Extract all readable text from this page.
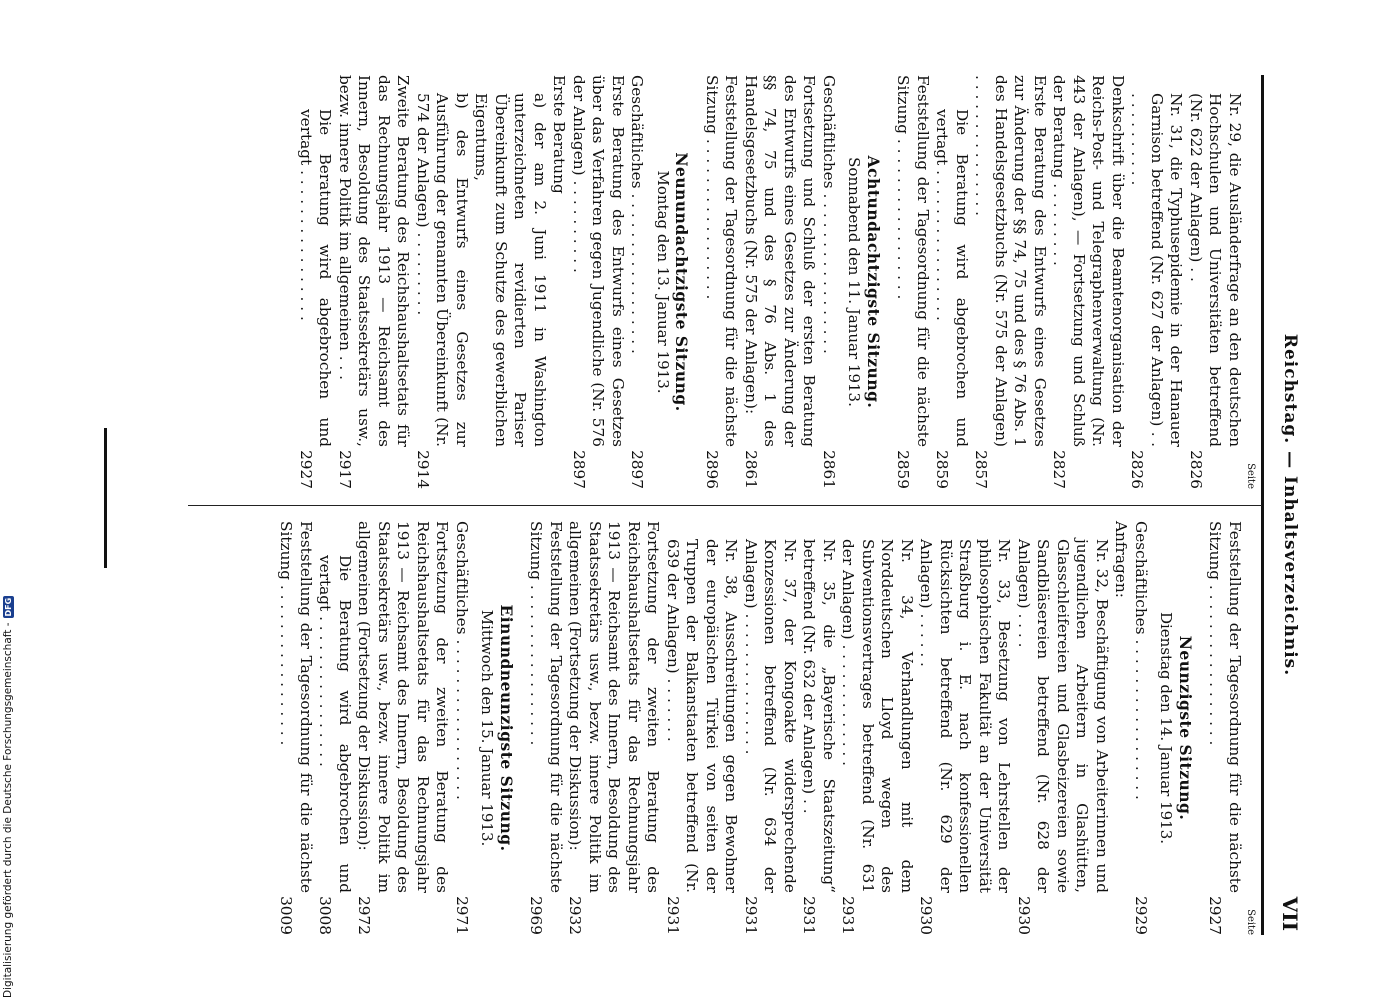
Reichstag. — Inhaltsverzeichnis.
VII
Seite
Nr. 29, die Ausländerfrage an den deutschen Hochschulen und Universitäten betreffend (Nr. 622 der Anlagen) . .
2826
Nr. 31, die Typhusepidemie in der Hanauer Garnison betreffend (Nr. 627 der Anlagen) . . . . . . . . . . . .
2826
Denkschrift über die Beamtenorganisation der Reichs-Post- und Telegraphenverwaltung (Nr. 443 der Anlagen), — Fortsetzung und Schluß der Beratung . . . . . . . . .
2827
Erste Beratung des Entwurfs eines Gesetzes zur Änderung der §§ 74, 75 und des § 76 Abs. 1 des Handelsgesetzbuchs (Nr. 575 der Anlagen) . . . . . . . . . . . . . . .
2857
Die Beratung wird abgebrochen und vertagt . . . . . . . . . . . . . . . .
2859
Feststellung der Tagesordnung für die nächste Sitzung . . . . . . . . . . . . . . . . .
2859
Achtundachtzigste Sitzung.
Sonnabend den 11. Januar 1913.
Geschäftliches . . . . . . . . . . . . . . . . .
2861
Fortsetzung und Schluß der ersten Beratung des Entwurfs eines Gesetzes zur Änderung der §§ 74, 75 und des § 76 Abs. 1 des Handelsgesetzbuchs (Nr. 575 der Anlagen):
2861
Feststellung der Tagesordnung für die nächste Sitzung . . . . . . . . . . . . . . . . .
2896
Neunundachtzigste Sitzung.
Montag den 13. Januar 1913.
Geschäftliches . . . . . . . . . . . . . . . . .
2897
Erste Beratung des Entwurfs eines Gesetzes über das Verfahren gegen Jugendliche (Nr. 576 der Anlagen) . . . . . . . . . .
2897
Erste Beratung
a) der am 2. Juni 1911 in Washington unterzeichneten revidierten Pariser Übereinkunft zum Schutze des gewerblichen Eigentums,
b) des Entwurfs eines Gesetzes zur Ausführung der genannten Übereinkunft (Nr. 574 der Anlagen) . . . . . . . . .
2914
Zweite Beratung des Reichshaushaltsetats für das Rechnungsjahr 1913 — Reichsamt des Innern, Besoldung des Staatssekretärs usw., bezw. innere Politik im allgemeinen . . .
2917
Die Beratung wird abgebrochen und vertagt . . . . . . . . . . . . . . . .
2927
Seite
Feststellung der Tagesordnung für die nächste Sitzung . . . . . . . . . . . . . . . . .
2927
Neunzigste Sitzung.
Dienstag den 14. Januar 1913.
Geschäftliches . . . . . . . . . . . . . . . . .
2929
Anfragen:
Nr. 32, Beschäftigung von Arbeiterinnen und jugendlichen Arbeitern in Glashütten, Glasschleifereien und Glasbeizereien sowie Sandbläsereien betreffend (Nr. 628 der Anlagen) . . . .
2930
Nr. 33, Besetzung von Lehrstellen der philosophischen Fakultät an der Universität Straßburg i. E. nach konfessionellen Rücksichten betreffend (Nr. 629 der Anlagen) . . . . . .
2930
Nr. 34, Verhandlungen mit dem Norddeutschen Lloyd wegen des Subventionsvertrages betreffend (Nr. 631 der Anlagen) . . . . . . . . . . . . .
2931
Nr. 35, die „Bayerische Staatszeitung“ betreffend (Nr. 632 der Anlagen) . .
2931
Nr. 37, der Kongoakte widersprechende Konzessionen betreffend (Nr. 634 der Anlagen) . . . . . . . . . . . . . . .
2931
Nr. 38, Ausschreitungen gegen Bewohner der europäischen Türkei von seiten der Truppen der Balkanstaaten betreffend (Nr. 639 der Anlagen) . . . . . . .
2931
Fortsetzung der zweiten Beratung des Reichshaushaltsetats für das Rechnungsjahr 1913 — Reichsamt des Innern, Besoldung des Staatssekretärs usw., bezw. innere Politik im allgemeinen (Fortsetzung der Diskussion):
2932
Feststellung der Tagesordnung für die nächste Sitzung . . . . . . . . . . . . . . . . .
2969
Einundneunzigste Sitzung.
Mittwoch den 15. Januar 1913.
Geschäftliches . . . . . . . . . . . . . . . . .
2971
Fortsetzung der zweiten Beratung des Reichshaushaltsetats für das Rechnungsjahr 1913 — Reichsamt des Innern, Besoldung des Staatssekretärs usw., bezw. innere Politik im allgemeinen (Fortsetzung der Diskussion):
2972
Die Beratung wird abgebrochen und vertagt . . . . . . . . . . . . . . . .
3008
Feststellung der Tagesordnung für die nächste Sitzung . . . . . . . . . . . . . . . . .
3009
Digitalisierung gefördert durch die Deutsche Forschungsgemeinschaft -
DFG
